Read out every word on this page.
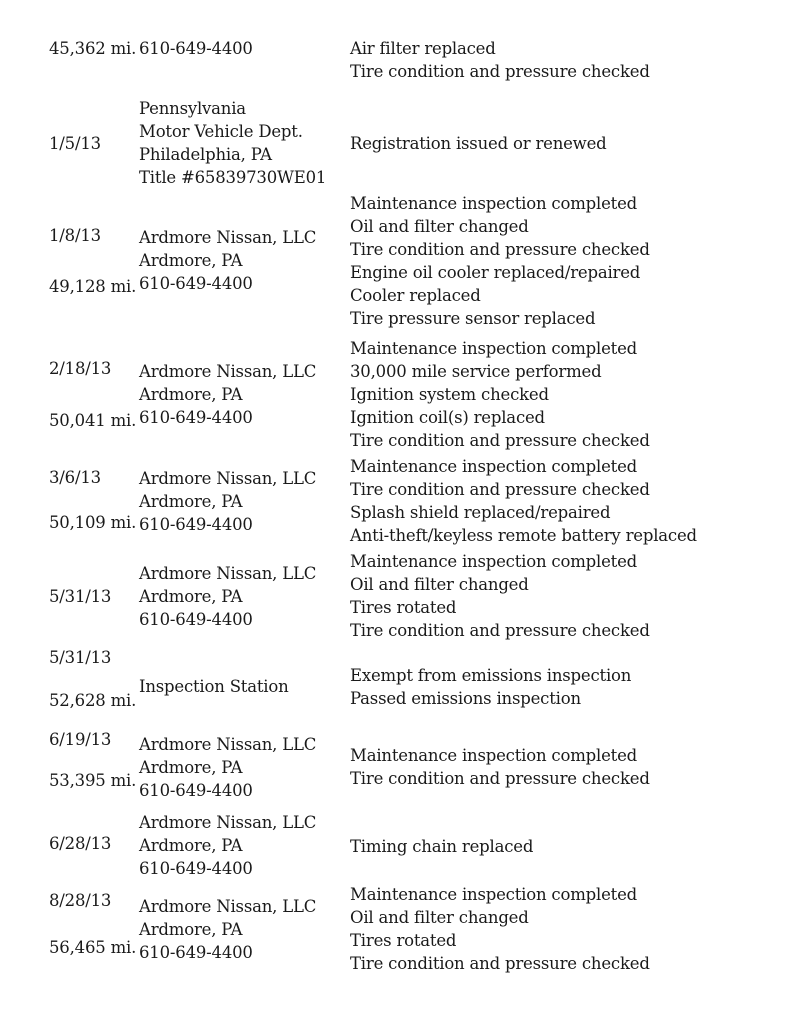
45,362 mi. 610-649-4400	Air filter replaced
Tire condition and pressure checked
1/5/13
Pennsylvania
Motor Vehicle Dept.
Philadelphia, PA
Title #65839730WE01
Registration issued or renewed
1/8/13
49,128 mi.
Ardmore Nissan, LLC
Ardmore, PA
610-649-4400
Maintenance inspection completed
Oil and filter changed
Tire condition and pressure checked
Engine oil cooler replaced/repaired
Cooler replaced
Tire pressure sensor replaced
2/18/13
50,041 mi.
Ardmore Nissan, LLC
Ardmore, PA
610-649-4400
Maintenance inspection completed
30,000 mile service performed
Ignition system checked
Ignition coil(s) replaced
Tire condition and pressure checked
3/6/13
50,109 mi.
Ardmore Nissan, LLC
Ardmore, PA
610-649-4400
Maintenance inspection completed
Tire condition and pressure checked
Splash shield replaced/repaired
Anti-theft/keyless remote battery replaced
5/31/13
Ardmore Nissan, LLC
Ardmore, PA
610-649-4400
Maintenance inspection completed
Oil and filter changed
Tires rotated
Tire condition and pressure checked
5/31/13
52,628 mi.
Inspection Station
Exempt from emissions inspection
Passed emissions inspection
6/19/13
53,395 mi.
Ardmore Nissan, LLC
Ardmore, PA
610-649-4400
Maintenance inspection completed
Tire condition and pressure checked
6/28/13
Ardmore Nissan, LLC
Ardmore, PA
610-649-4400
Timing chain replaced
8/28/13
56,465 mi.
Ardmore Nissan, LLC
Ardmore, PA
610-649-4400
Maintenance inspection completed
Oil and filter changed
Tires rotated
Tire condition and pressure checked
